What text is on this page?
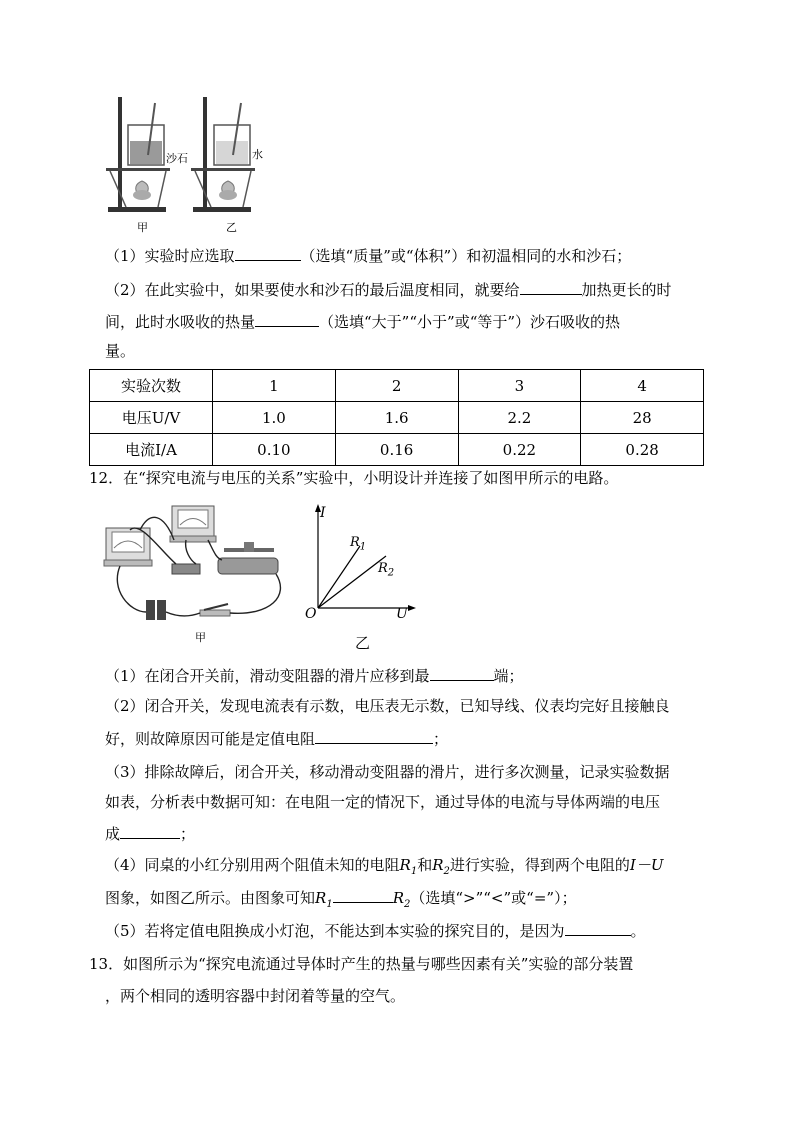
沙石	水
甲	乙
（1）实验时应选取	（选填“质量”或“体积”）和初温相同的水和沙石；
（2）在此实验中，如果要使水和沙石的最后温度相同，就要给	加热更长的时
间，此时水吸收的热量	（选填“大于”“小于”或“等于”）沙石吸收的热
量。
实验次数	1	2	3	4
电压U/V	1.0	1.6	2.2	28
电流I/A	0.10	0.16	0.22	0.28
12．在“探究电流与电压的关系”实验中，小明设计并连接了如图甲所示的电路。
甲
I
U
O
$R_1$
$R_2$
乙
（1）在闭合开关前，滑动变阻器的滑片应移到最	端；
（2）闭合开关，发现电流表有示数，电压表无示数，已知导线、仪表均完好且接触良
好，则故障原因可能是定值电阻	；
（3）排除故障后，闭合开关，移动滑动变阻器的滑片，进行多次测量，记录实验数据
如表，分析表中数据可知：在电阻一定的情况下，通过导体的电流与导体两端的电压
成	；
（4）同桌的小红分别用两个阻值未知的电阻$R_1$和$R_2$进行实验，得到两个电阻的I－U
图象，如图乙所示。由图象可知$R_1$	$R_2$（选填“>”“<”或“=”）；
（5）若将定值电阻换成小灯泡，不能达到本实验的探究目的，是因为	。
13．如图所示为“探究电流通过导体时产生的热量与哪些因素有关”实验的部分装置
，两个相同的透明容器中封闭着等量的空气。
